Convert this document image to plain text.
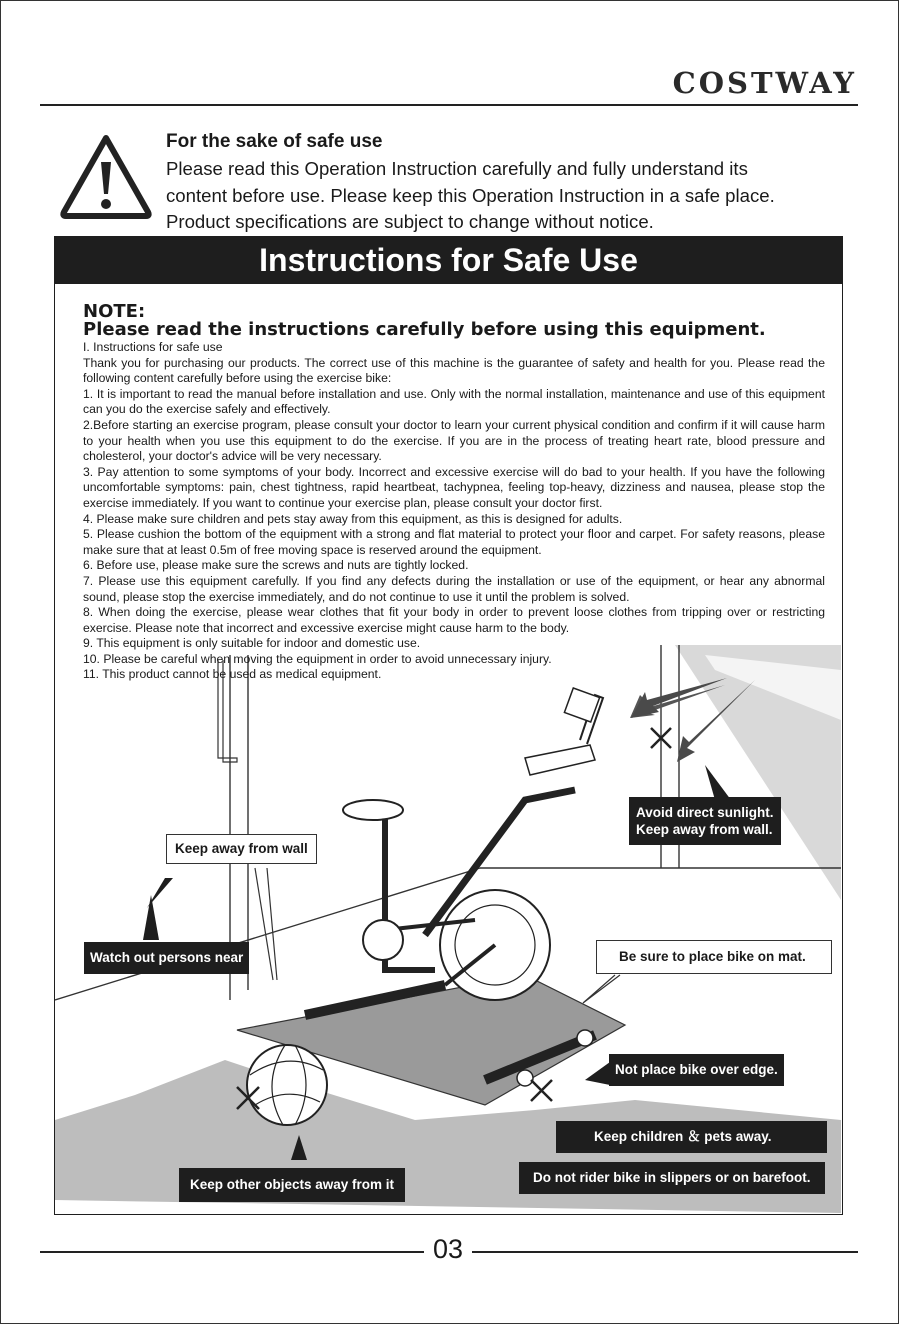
COSTWAY
For the sake of safe use
Please read this Operation Instruction carefully and fully understand its
content before use. Please keep this Operation Instruction in a safe place.
Product specifications are subject to change without notice.
Instructions for Safe Use
NOTE:
Please read the instructions carefully before using this equipment.

I. Instructions for safe use

Thank you for purchasing our products. The correct use of this machine is the guarantee of safety and health for you. Please read the following content carefully before using the exercise bike:

1. It is important to read the manual before installation and use. Only with the normal installation, maintenance and use of this equipment can you do the exercise safely and effectively.

2.Before starting an exercise program, please consult your doctor to learn your current physical condition and confirm if it will cause harm to your health when you use this equipment to do the exercise. If you are in the process of treating heart rate, blood pressure and cholesterol, your doctor's advice will be very necessary.

3. Pay attention to some symptoms of your body. Incorrect and excessive exercise will do bad to your health. If you have the following uncomfortable symptoms: pain, chest tightness, rapid heartbeat, tachypnea, feeling top-heavy, dizziness and nausea, please stop the exercise immediately. If you want to continue your exercise plan, please consult your doctor first.

4. Please make sure children and pets stay away from this equipment, as this is designed for adults.

5. Please cushion the bottom of the equipment with a strong and flat material to protect your floor and carpet. For safety reasons, please make sure that at least 0.5m of free moving space is reserved around the equipment.

6. Before use, please make sure the screws and nuts are tightly locked.

7. Please use this equipment carefully. If you find any defects during the installation or use of the equipment, or hear any abnormal sound, please stop the exercise immediately, and do not continue to use it until the problem is solved.

8. When doing the exercise, please wear clothes that fit your body in order to prevent loose clothes from tripping over or restricting exercise. Please note that incorrect and excessive exercise might cause harm to the body.

9. This equipment is only suitable for indoor and domestic use.

10. Please be careful when moving the equipment in order to avoid unnecessary injury.

11. This product cannot be used as medical equipment.

Keep away from wall
Watch out persons near
Avoid direct sunlight.
Keep away from wall.
Be sure to place bike on mat.
Not place bike over edge.
Keep children ＆ pets away.
Do not rider bike in slippers or on barefoot.
Keep other objects away from it
03
